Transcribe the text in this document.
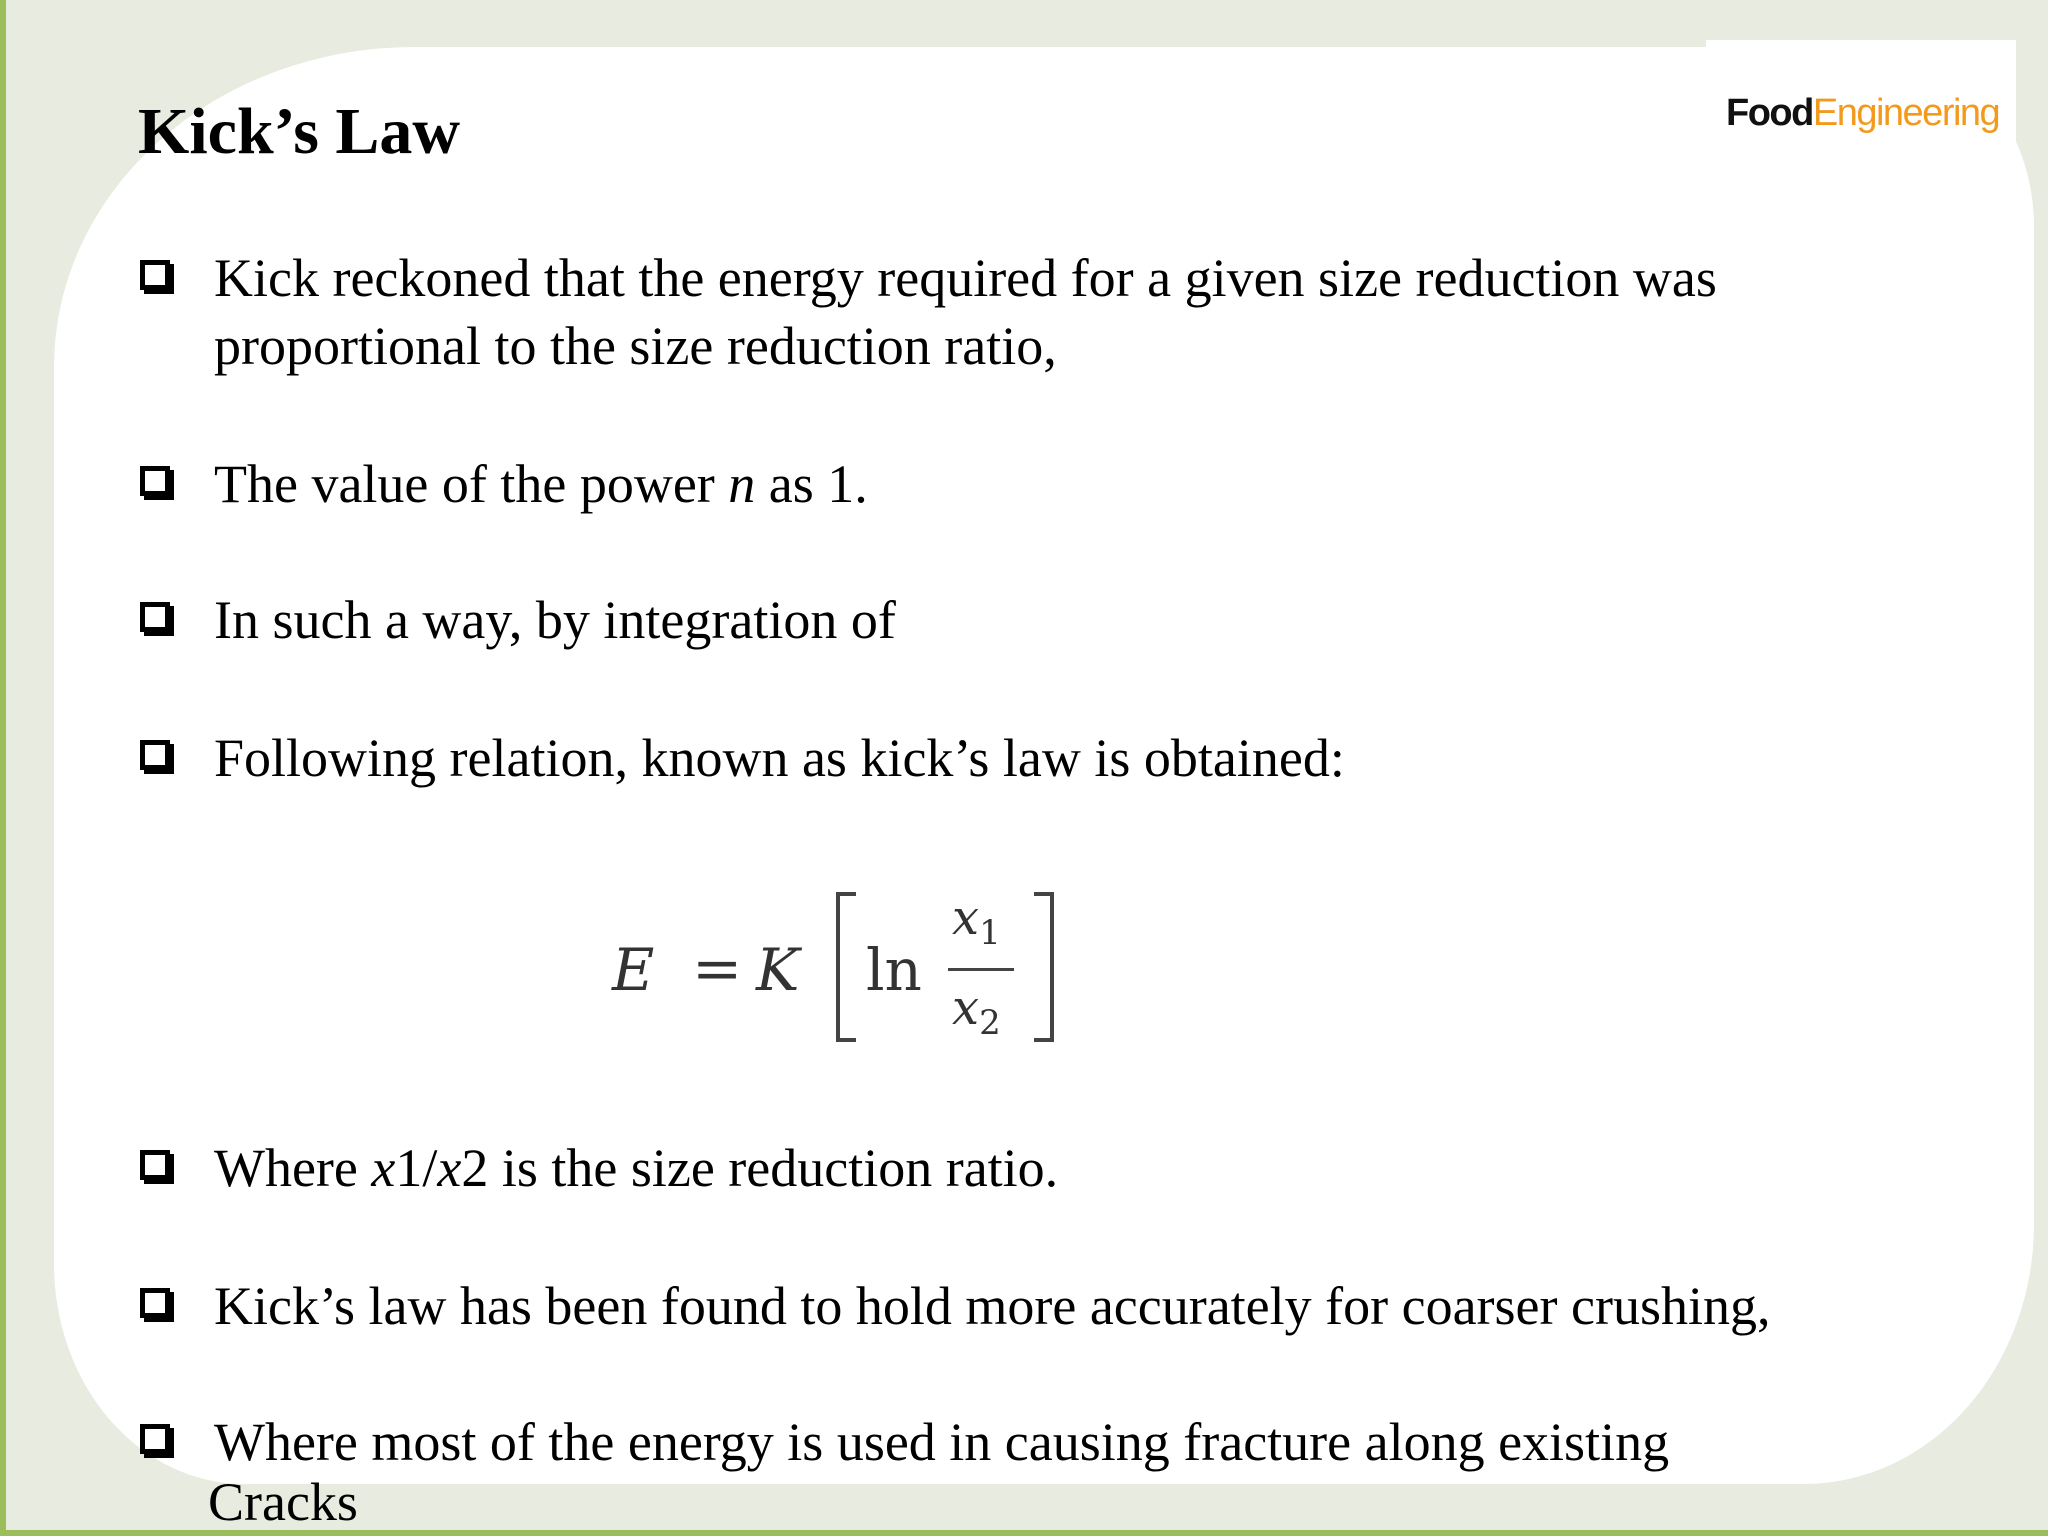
FoodEngineering
Kick’s Law
Kick reckoned that the energy required for a given size reduction was
proportional to the size reduction ratio,
The value of the power n as 1.
In such a way, by integration of
Following relation, known as kick’s law is obtained:
E = K ln
$x_1$
$x_2$
Where x1/x2 is the size reduction ratio.
Kick’s law has been found to hold more accurately for coarser crushing,
Where most of the energy is used in causing fracture along existing
Cracks
